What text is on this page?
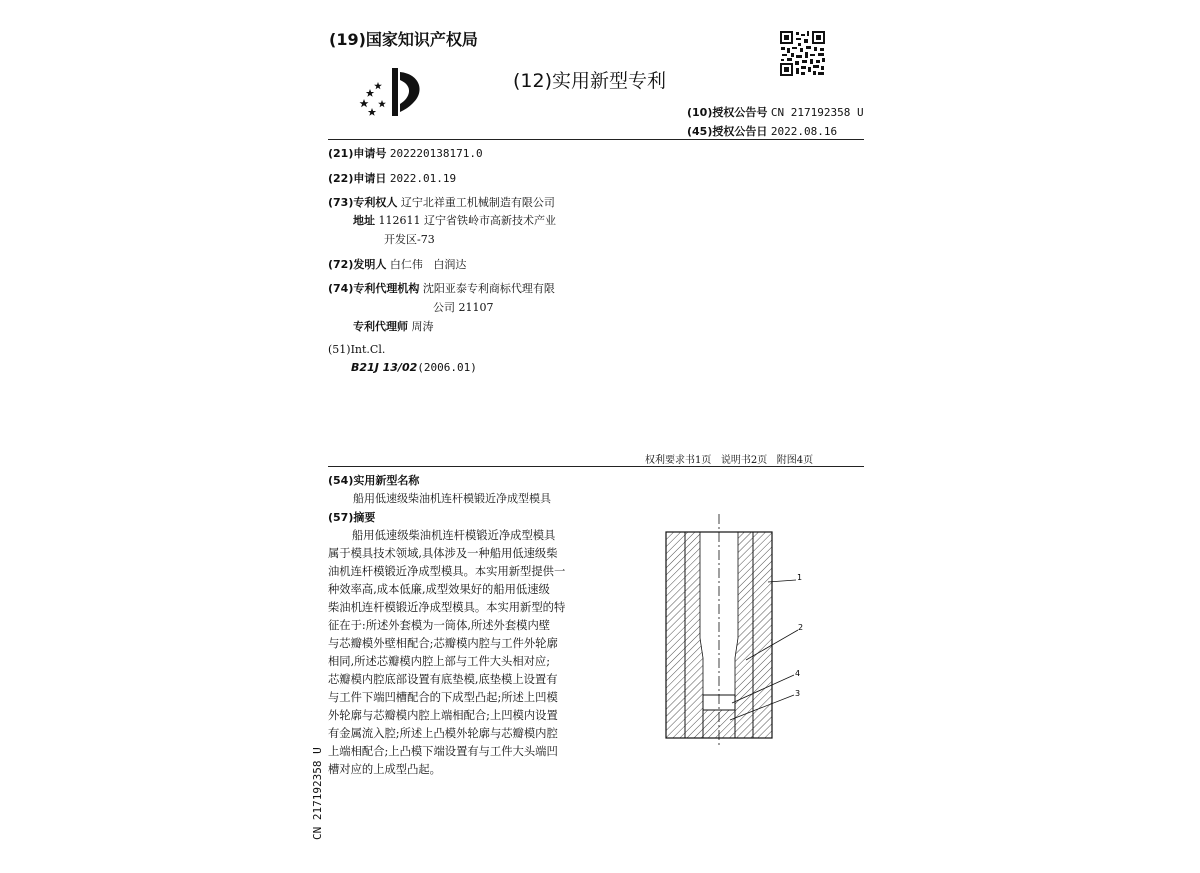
(19)国家知识产权局
(12)实用新型专利
(10)授权公告号 CN 217192358 U
(45)授权公告日 2022.08.16
(21)申请号 202220138171.0
(22)申请日 2022.01.19
(73)专利权人 辽宁北祥重工机械制造有限公司
地址 112611 辽宁省铁岭市高新技术产业
开发区-73
(72)发明人 白仁伟   白润达
(74)专利代理机构 沈阳亚泰专利商标代理有限
公司 21107
专利代理师 周涛
(51)Int.Cl.
B21J 13/02(2006.01)
权利要求书1页   说明书2页   附图4页
(54)实用新型名称
船用低速级柴油机连杆模锻近净成型模具
(57)摘要

船用低速级柴油机连杆模锻近净成型模具
属于模具技术领域,具体涉及一种船用低速级柴
油机连杆模锻近净成型模具。本实用新型提供一
种效率高,成本低廉,成型效果好的船用低速级
柴油机连杆模锻近净成型模具。本实用新型的特
征在于:所述外套模为一筒体,所述外套模内壁
与芯瓣模外壁相配合;芯瓣模内腔与工件外轮廓
相同,所述芯瓣模内腔上部与工件大头相对应;
芯瓣模内腔底部设置有底垫模,底垫模上设置有
与工件下端凹槽配合的下成型凸起;所述上凹模
外轮廓与芯瓣模内腔上端相配合;上凹模内设置
有金属流入腔;所述上凸模外轮廓与芯瓣模内腔
上端相配合;上凸模下端设置有与工件大头端凹
槽对应的上成型凸起。

1
2
4
3
CN 217192358 U
